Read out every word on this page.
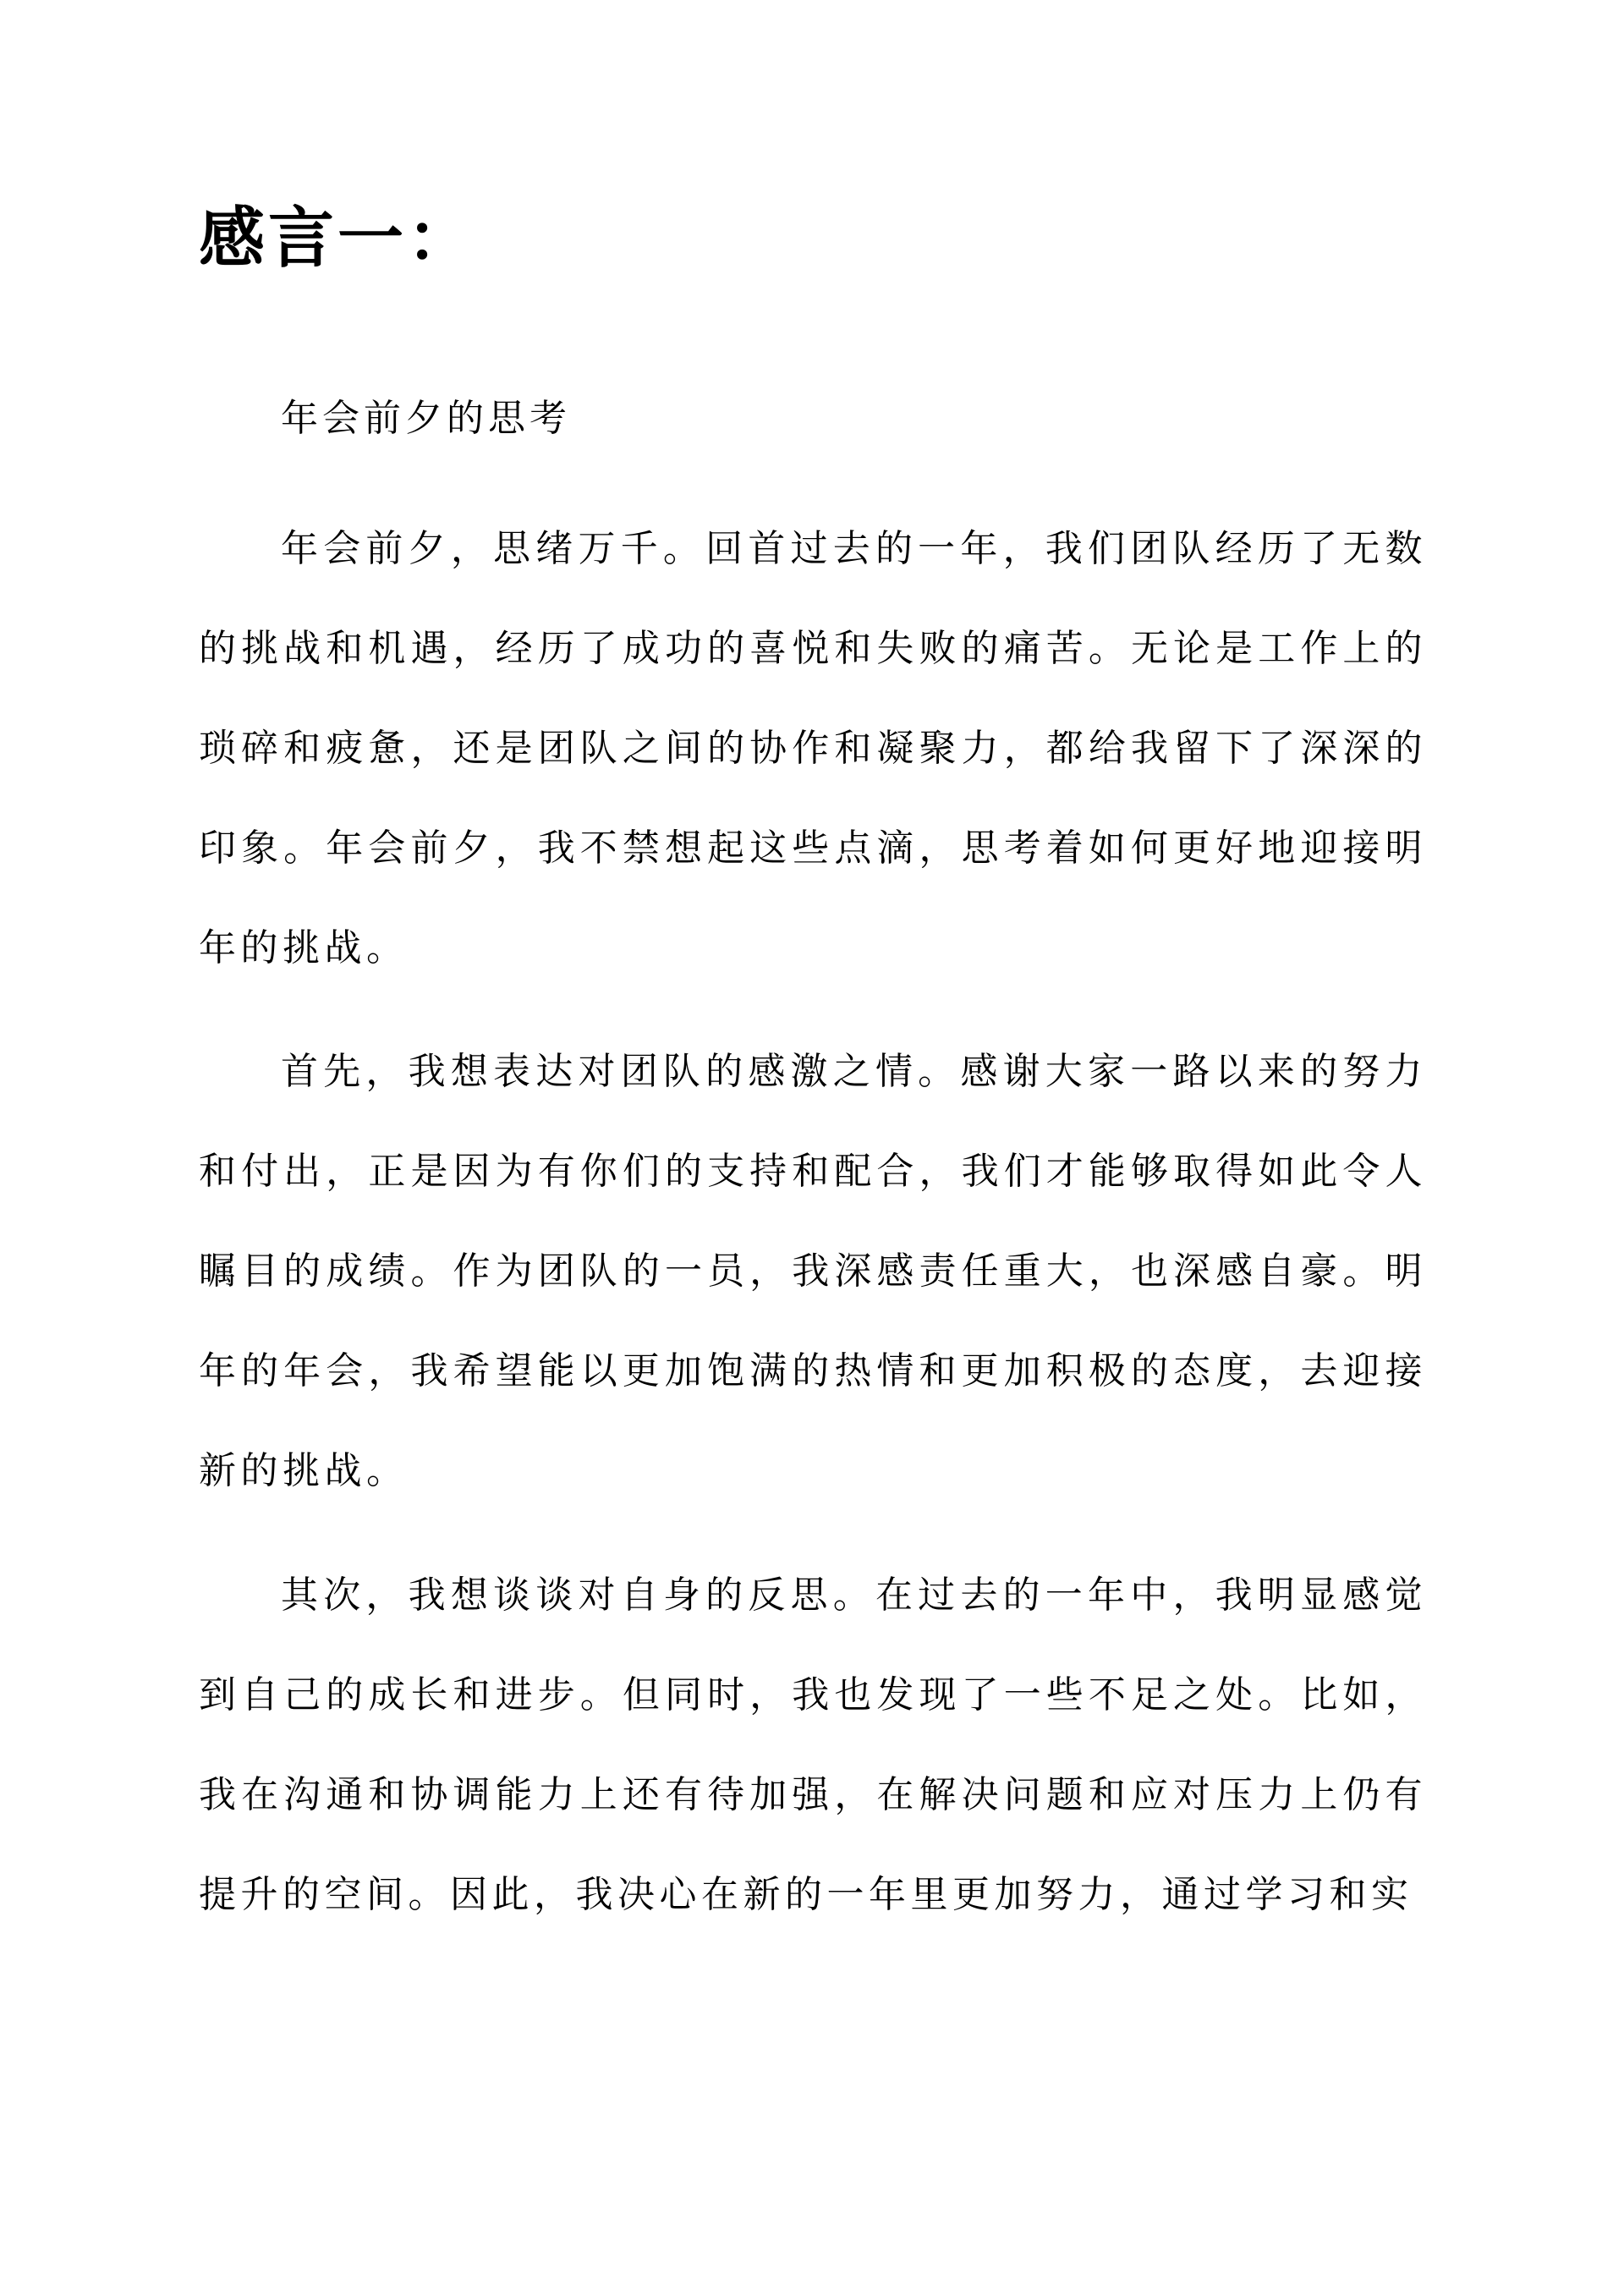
感言一：

年会前夕的思考

年会前夕，思绪万千。回首过去的一年，我们团队经历了无数的挑战和机遇，经历了成功的喜悦和失败的痛苦。无论是工作上的琐碎和疲惫，还是团队之间的协作和凝聚力，都给我留下了深深的印象。年会前夕，我不禁想起这些点滴，思考着如何更好地迎接明年的挑战。

首先，我想表达对团队的感激之情。感谢大家一路以来的努力和付出，正是因为有你们的支持和配合，我们才能够取得如此令人瞩目的成绩。作为团队的一员，我深感责任重大，也深感自豪。明年的年会，我希望能以更加饱满的热情和更加积极的态度，去迎接新的挑战。

其次，我想谈谈对自身的反思。在过去的一年中，我明显感觉到自己的成长和进步。但同时，我也发现了一些不足之处。比如，我在沟通和协调能力上还有待加强，在解决问题和应对压力上仍有提升的空间。因此，我决心在新的一年里更加努力，通过学习和实
